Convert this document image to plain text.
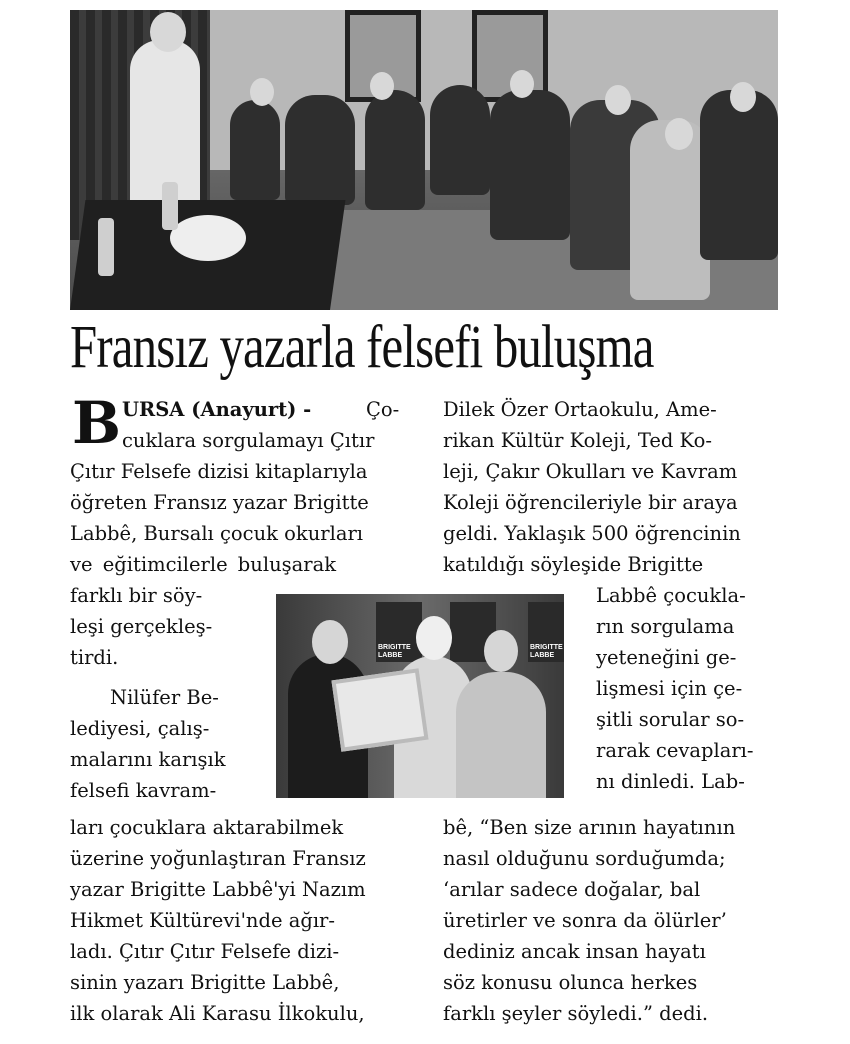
Fransız yazarla felsefi buluşma
B URSA (Anayurt) -	Ço-
cuklara sorgulamayı Çıtır
Çıtır Felsefe dizisi kitaplarıyla
öğreten Fransız yazar Brigitte
Labbê, Bursalı çocuk okurları
ve eğitimcilerle buluşarak
farklı bir söy-
leşi gerçekleş-
tirdi.
Nilüfer Be-
lediyesi, çalış-
malarını karışık
felsefi kavram-
ları çocuklara aktarabilmek
üzerine yoğunlaştıran Fransız
yazar Brigitte Labbê'yi Nazım
Hikmet Kültürevi'nde ağır-
ladı. Çıtır Çıtır Felsefe dizi-
sinin yazarı Brigitte Labbê,
ilk olarak Ali Karasu İlkokulu,
Dilek Özer Ortaokulu, Ame-
rikan Kültür Koleji, Ted Ko-
leji, Çakır Okulları ve Kavram
Koleji öğrencileriyle bir araya
geldi. Yaklaşık 500 öğrencinin
katıldığı söyleşide Brigitte
Labbê çocukla-
rın sorgulama
yeteneğini ge-
lişmesi için çe-
şitli sorular so-
rarak cevapları-
nı dinledi. Lab-
bê, “Ben size arının hayatının
nasıl olduğunu sorduğumda;
‘arılar sadece doğalar, bal
üretirler ve sonra da ölürler’
dediniz ancak insan hayatı
söz konusu olunca herkes
farklı şeyler söyledi.” dedi.
BRIGITTE
LABBE
BRIGITTE
LABBE
